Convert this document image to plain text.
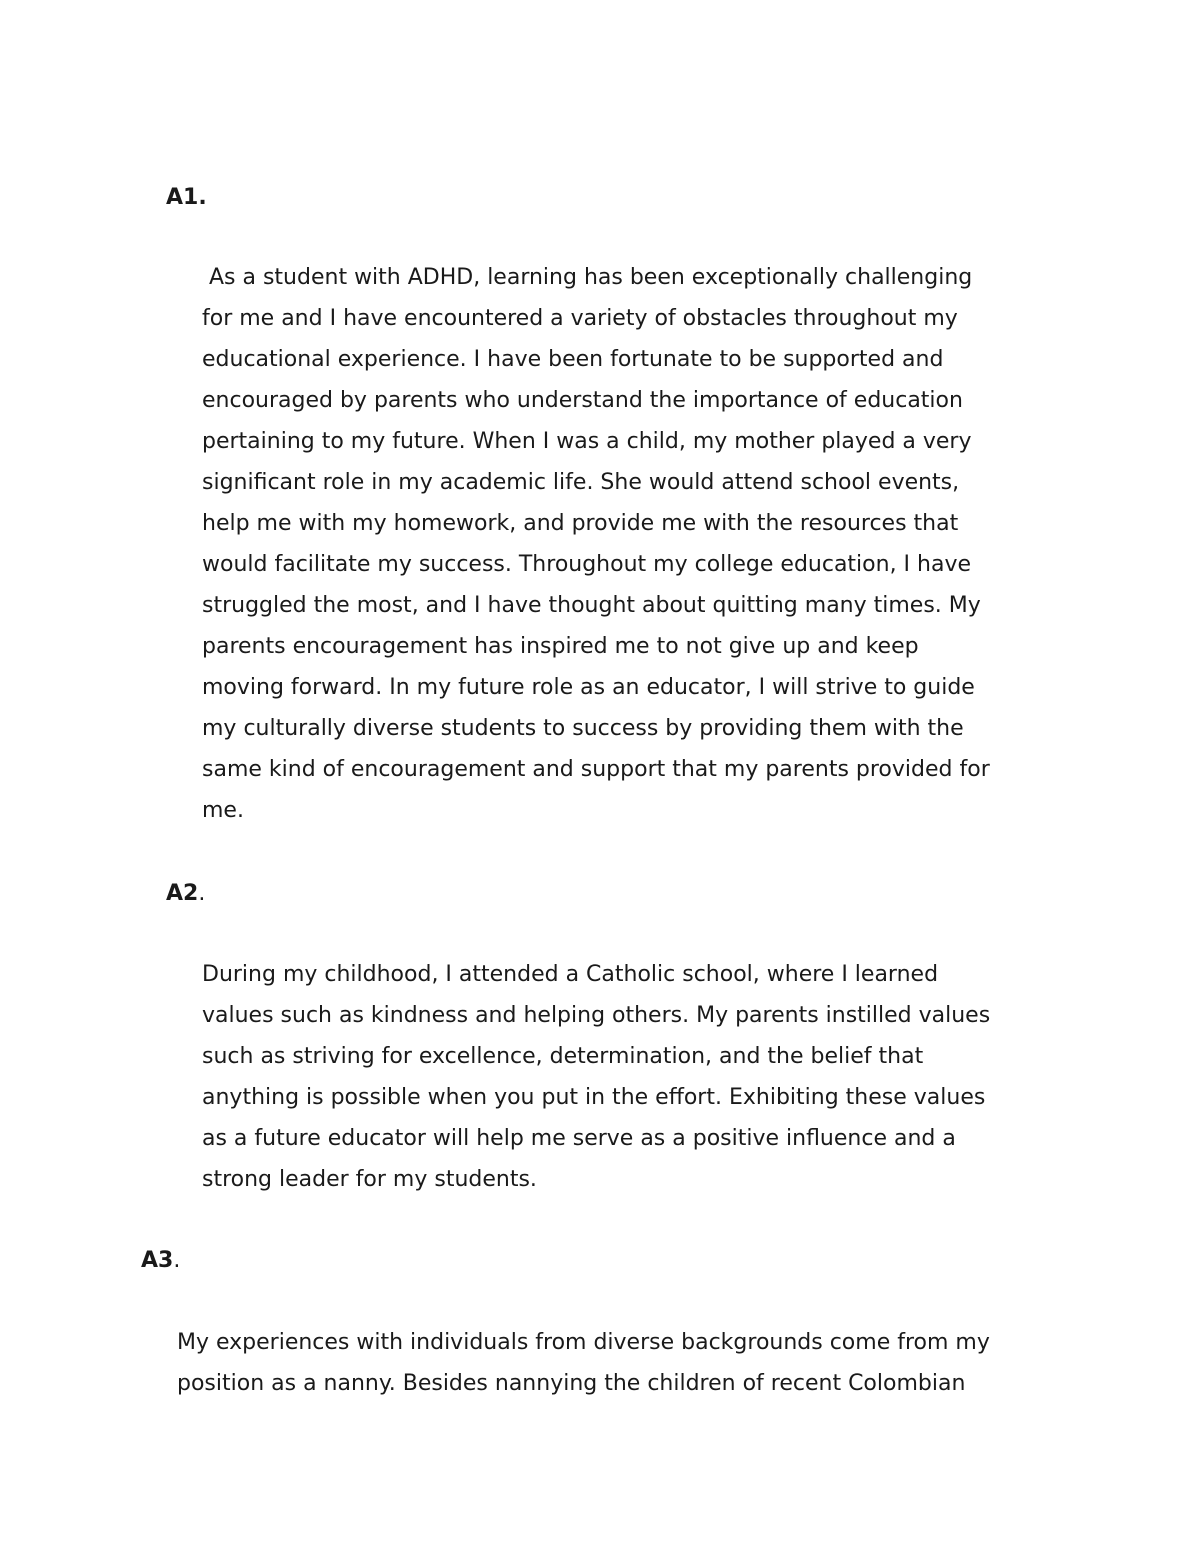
A1.

As a student with ADHD, learning has been exceptionally challenging
for me and I have encountered a variety of obstacles throughout my
educational experience. I have been fortunate to be supported and
encouraged by parents who understand the importance of education
pertaining to my future. When I was a child, my mother played a very
significant role in my academic life. She would attend school events,
help me with my homework, and provide me with the resources that
would facilitate my success. Throughout my college education, I have
struggled the most, and I have thought about quitting many times. My
parents encouragement has inspired me to not give up and keep
moving forward. In my future role as an educator, I will strive to guide
my culturally diverse students to success by providing them with the
same kind of encouragement and support that my parents provided for
me.

A2.

During my childhood, I attended a Catholic school, where I learned
values such as kindness and helping others. My parents instilled values
such as striving for excellence, determination, and the belief that
anything is possible when you put in the effort. Exhibiting these values
as a future educator will help me serve as a positive influence and a
strong leader for my students.

A3.

My experiences with individuals from diverse backgrounds come from my
position as a nanny. Besides nannying the children of recent Colombian
